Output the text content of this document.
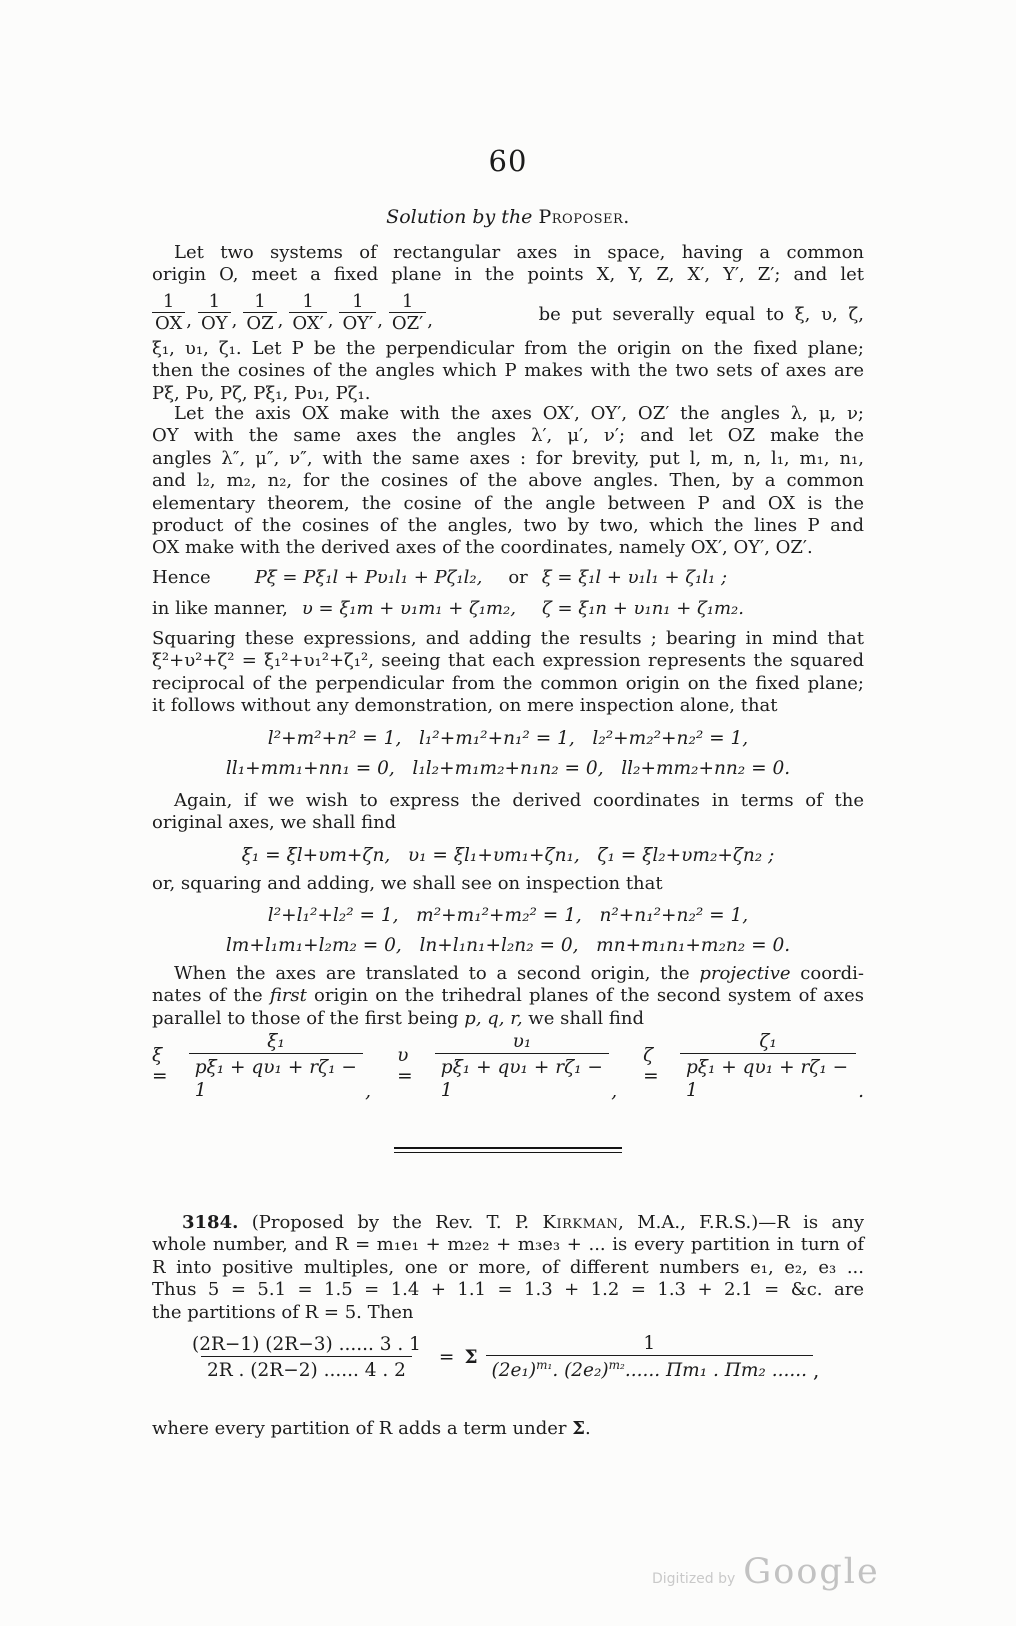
60
Solution by the Proposer.
Let two systems of rectangular axes in space, having a common
origin O, meet a fixed plane in the points X, Y, Z, X′, Y′, Z′; and let
$\frac{1}{OX}$ , $\frac{1}{OY}$ , $\frac{1}{OZ}$ , $\frac{1}{OX'}$ , $\frac{1}{OY'}$ , $\frac{1}{OZ'}$ ,	be put severally equal to ξ, υ, ζ,
ξ₁, υ₁, ζ₁. Let P be the perpendicular from the origin on the fixed plane;
then the cosines of the angles which P makes with the two sets of axes are
Pξ, Pυ, Pζ, Pξ₁, Pυ₁, Pζ₁.
Let the axis OX make with the axes OX′, OY′, OZ′ the angles λ, μ, ν;
OY with the same axes the angles λ′, μ′, ν′; and let OZ make the
angles λ″, μ″, ν″, with the same axes : for brevity, put l, m, n, l₁, m₁, n₁,
and l₂, m₂, n₂, for the cosines of the above angles. Then, by a common
elementary theorem, the cosine of the angle between P and OX is the
product of the cosines of the angles, two by two, which the lines P and
OX make with the derived axes of the coordinates, namely OX′, OY′, OZ′.
Hence Pξ = Pξ₁l + Pυ₁l₁ + Pζ₁l₂, or ξ = ξ₁l + υ₁l₁ + ζ₁l₁ ;
in like manner, υ = ξ₁m + υ₁m₁ + ζ₁m₂, ζ = ξ₁n + υ₁n₁ + ζ₁m₂.
Squaring these expressions, and adding the results ; bearing in mind that
ξ²+υ²+ζ² = ξ₁²+υ₁²+ζ₁², seeing that each expression represents the squared
reciprocal of the perpendicular from the common origin on the fixed plane;
it follows without any demonstration, on mere inspection alone, that
l²+m²+n² = 1,   l₁²+m₁²+n₁² = 1,   l₂²+m₂²+n₂² = 1,
ll₁+mm₁+nn₁ = 0,   l₁l₂+m₁m₂+n₁n₂ = 0,   ll₂+mm₂+nn₂ = 0.
Again, if we wish to express the derived coordinates in terms of the
original axes, we shall find
ξ₁ = ξl+υm+ζn,   υ₁ = ξl₁+υm₁+ζn₁,   ζ₁ = ξl₂+υm₂+ζn₂ ;
or, squaring and adding, we shall see on inspection that
l²+l₁²+l₂² = 1,   m²+m₁²+m₂² = 1,   n²+n₁²+n₂² = 1,
lm+l₁m₁+l₂m₂ = 0,   ln+l₁n₁+l₂n₂ = 0,   mn+m₁n₁+m₂n₂ = 0.
When the axes are translated to a second origin, the projective coordi-
nates of the first origin on the trihedral planes of the second system of axes
parallel to those of the first being p, q, r, we shall find
ξ =	$\frac{\text{ξ₁}}{\text{pξ₁ + qυ₁ + rζ₁ − 1}}$ ,
υ =	$\frac{\text{υ₁}}{\text{pξ₁ + qυ₁ + rζ₁ − 1}}$ ,
ζ =	$\frac{\text{ζ₁}}{\text{pξ₁ + qυ₁ + rζ₁ − 1}}$ .
3184. (Proposed by the Rev. T. P. Kirkman, M.A., F.R.S.)—R is any
whole number, and R = m₁e₁ + m₂e₂ + m₃e₃ + ... is every partition in turn of
R into positive multiples, one or more, of different numbers e₁, e₂, e₃ ...
Thus 5 = 5.1 = 1.5 = 1.4 + 1.1 = 1.3 + 1.2 = 1.3 + 2.1 = &c. are
the partitions of R = 5. Then
$\frac{(2R-1) (2R-3) ...... 3 . 1}{2R . (2R-2) ...... 4 . 2} = \Sigma \frac{1}{(2e_1)^{m_1}. (2e_2)^{m_2}...... \Pi m_1 . \Pi m_2 ......}$ ,
where every partition of R adds a term under Σ.
Digitized by Google
